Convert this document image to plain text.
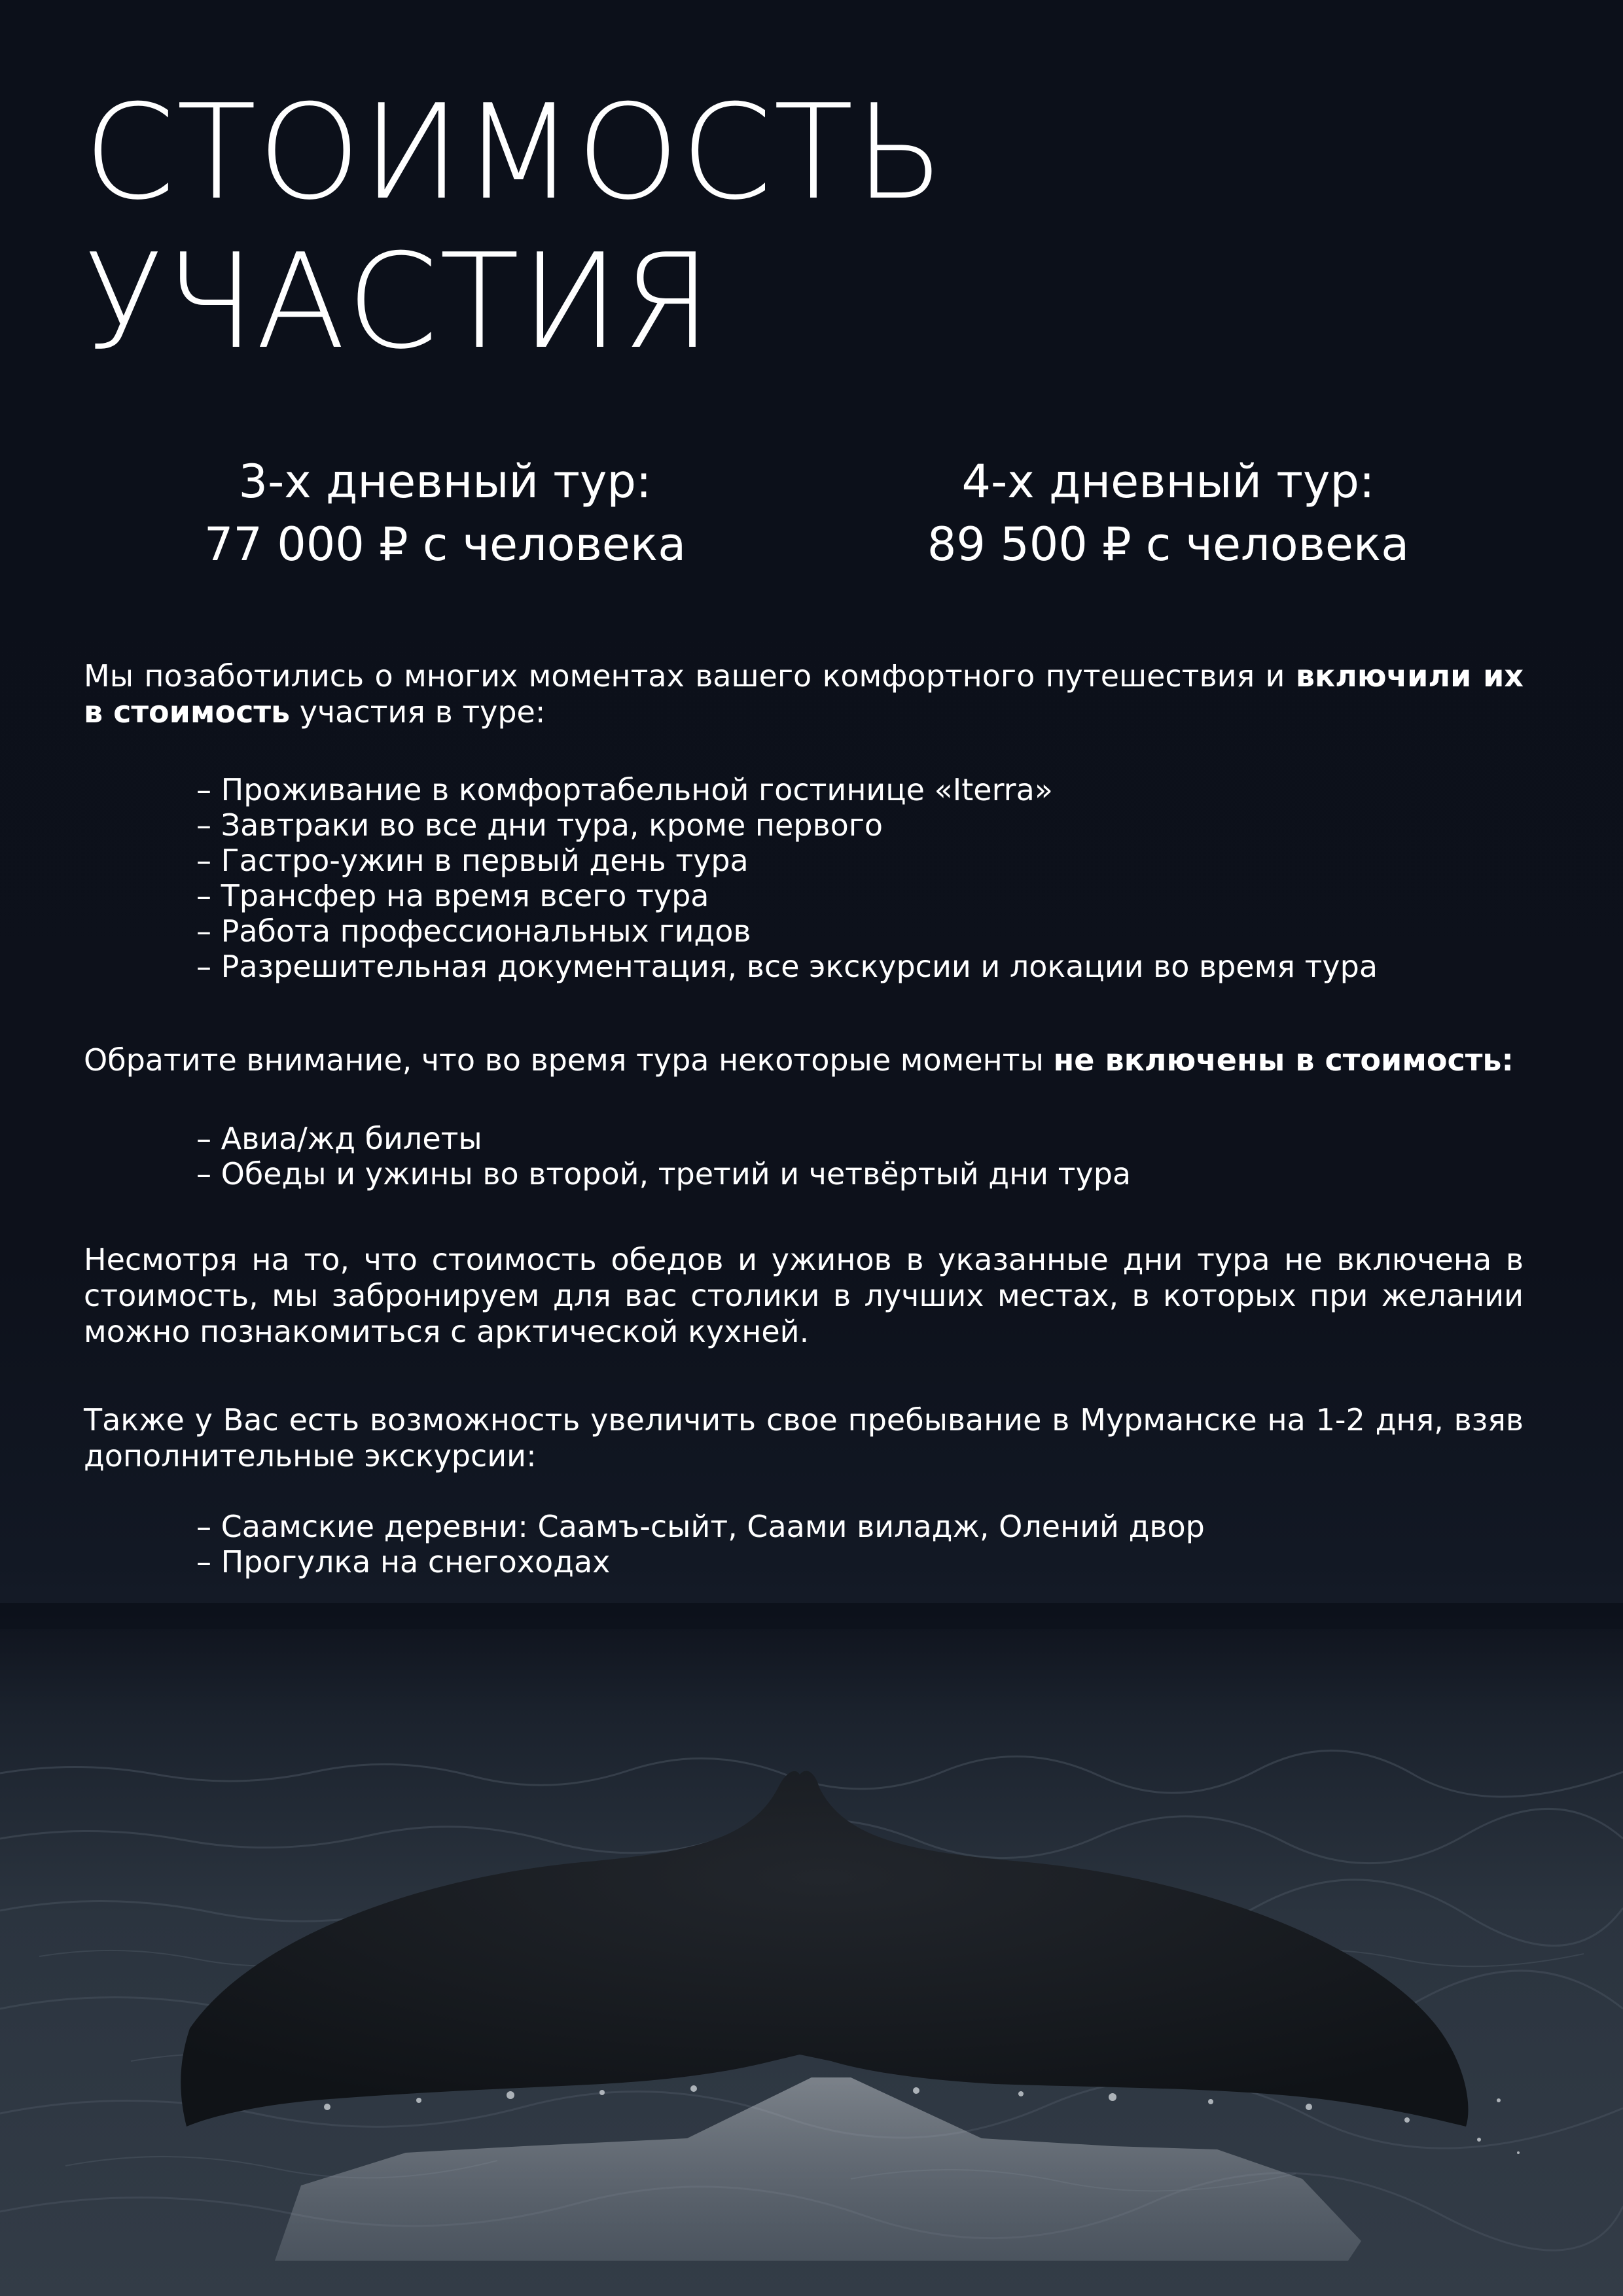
СТОИМОСТЬ
УЧАСТИЯ
3-х дневный тур:
77 000 ₽ с человека
4-х дневный тур:
89 500 ₽ с человека

Мы позаботились о многих моментах вашего комфортного путешествия и включили их в стоимость участия в туре:

– Проживание в комфортабельной гостинице «Iterra»
– Завтраки во все дни тура, кроме первого
– Гастро-ужин в первый день тура
– Трансфер на время всего тура
– Работа профессиональных гидов
– Разрешительная документация, все экскурсии и локации во время тура

Обратите внимание, что во время тура некоторые моменты не включены в стоимость:

– Авиа/жд билеты
– Обеды и ужины во второй, третий и четвёртый дни тура

Несмотря на то, что стоимость обедов и ужинов в указанные дни тура не включена в стоимость, мы забронируем для вас столики в лучших местах, в которых при желании можно познакомиться с арктической кухней.

Также у Вас есть возможность увеличить свое пребывание в Мурманске на 1-2 дня, взяв дополнительные экскурсии:

– Саамские деревни: Саамъ-сыйт, Саами виладж, Олений двор
– Прогулка на снегоходах
